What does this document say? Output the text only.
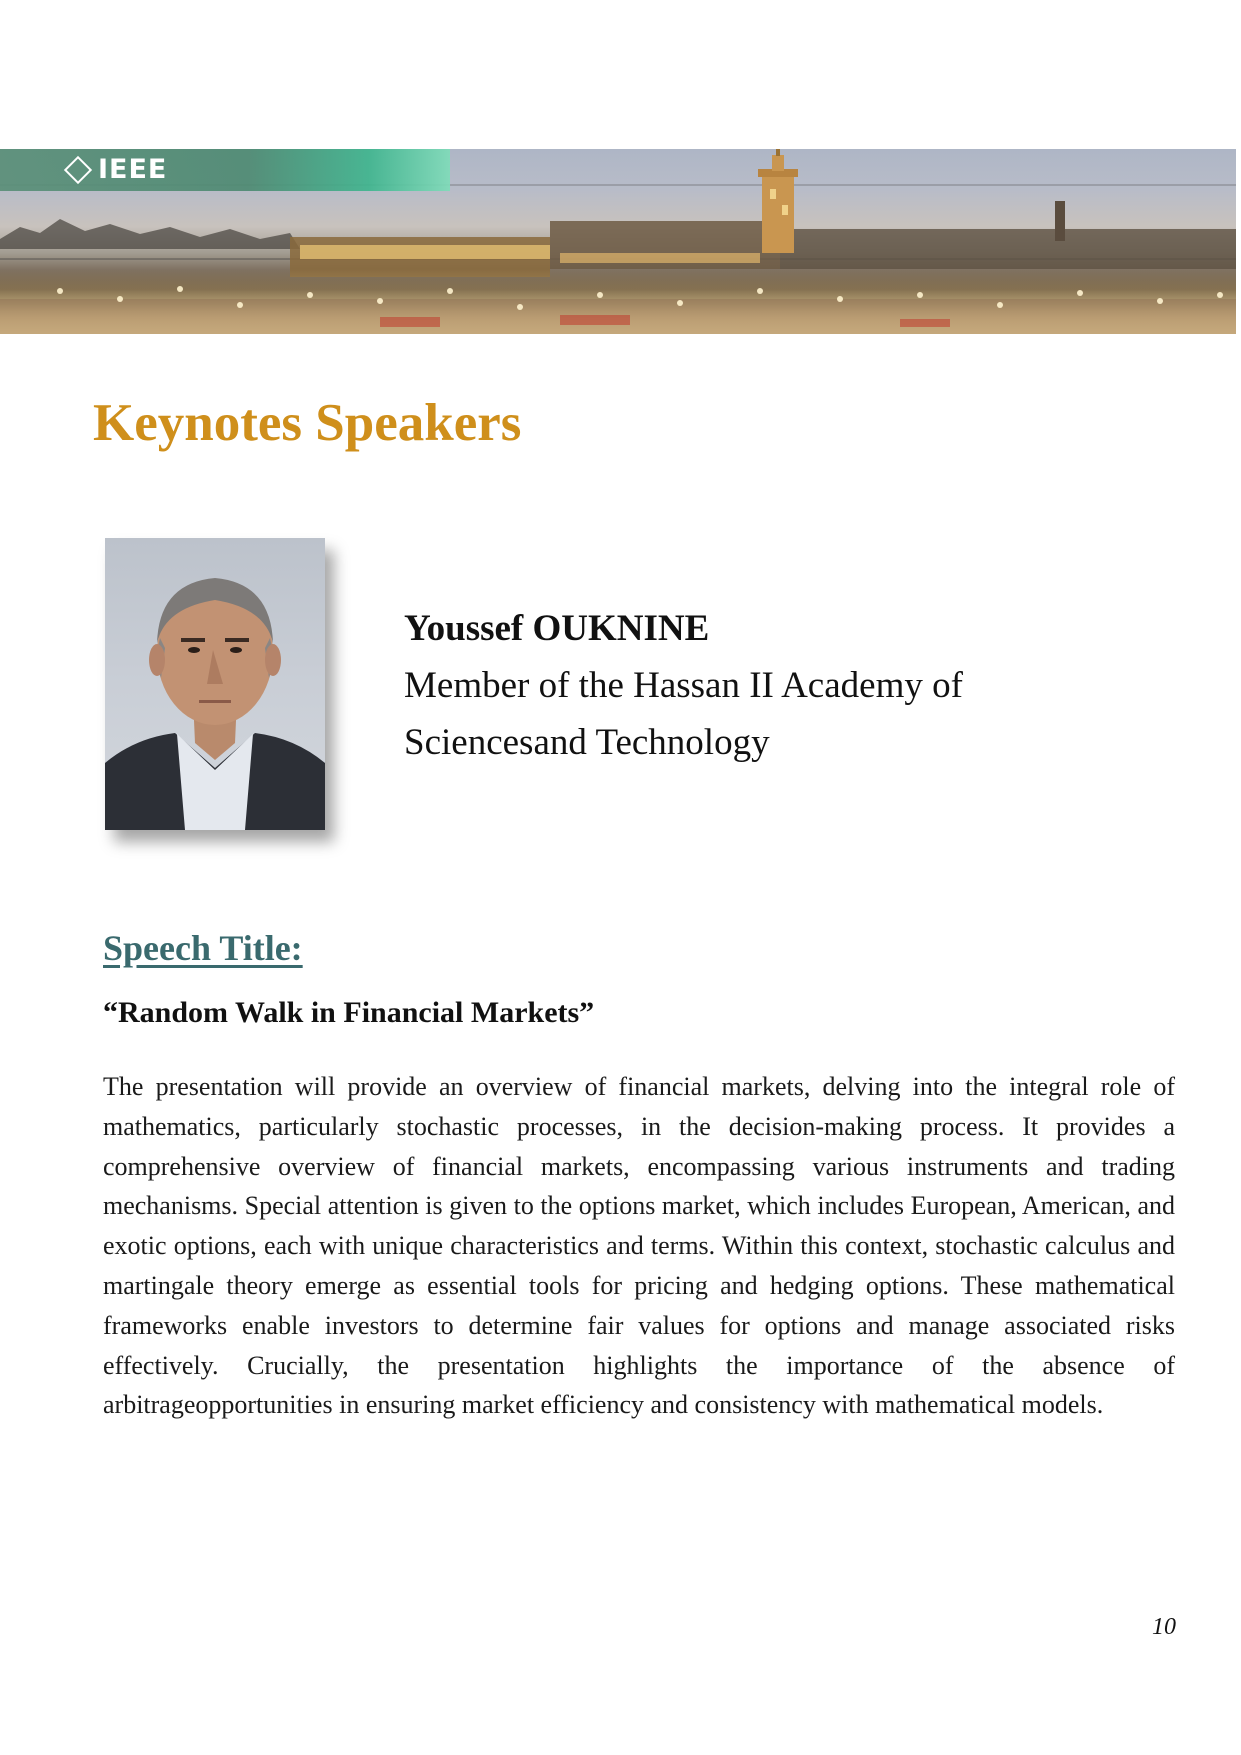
IEEE
Keynotes Speakers
Youssef OUKNINE
Member of the Hassan II Academy of
Sciencesand Technology
Speech Title:
“Random Walk in Financial Markets”

The presentation will provide an overview of financial markets, delving into the integral role of mathematics, particularly stochastic processes, in the decision-making process. It provides a comprehensive overview of financial markets, encompassing various instruments and trading mechanisms. Special attention is given to the options market, which includes European, American, and exotic options, each with unique characteristics and terms. Within this context, stochastic calculus and martingale theory emerge as essential tools for pricing and hedging options. These mathematical frameworks enable investors to determine fair values for options and manage associated risks effectively. Crucially, the presentation highlights the importance of the absence of arbitrageopportunities in ensuring market efficiency and consistency with mathematical models.

10
